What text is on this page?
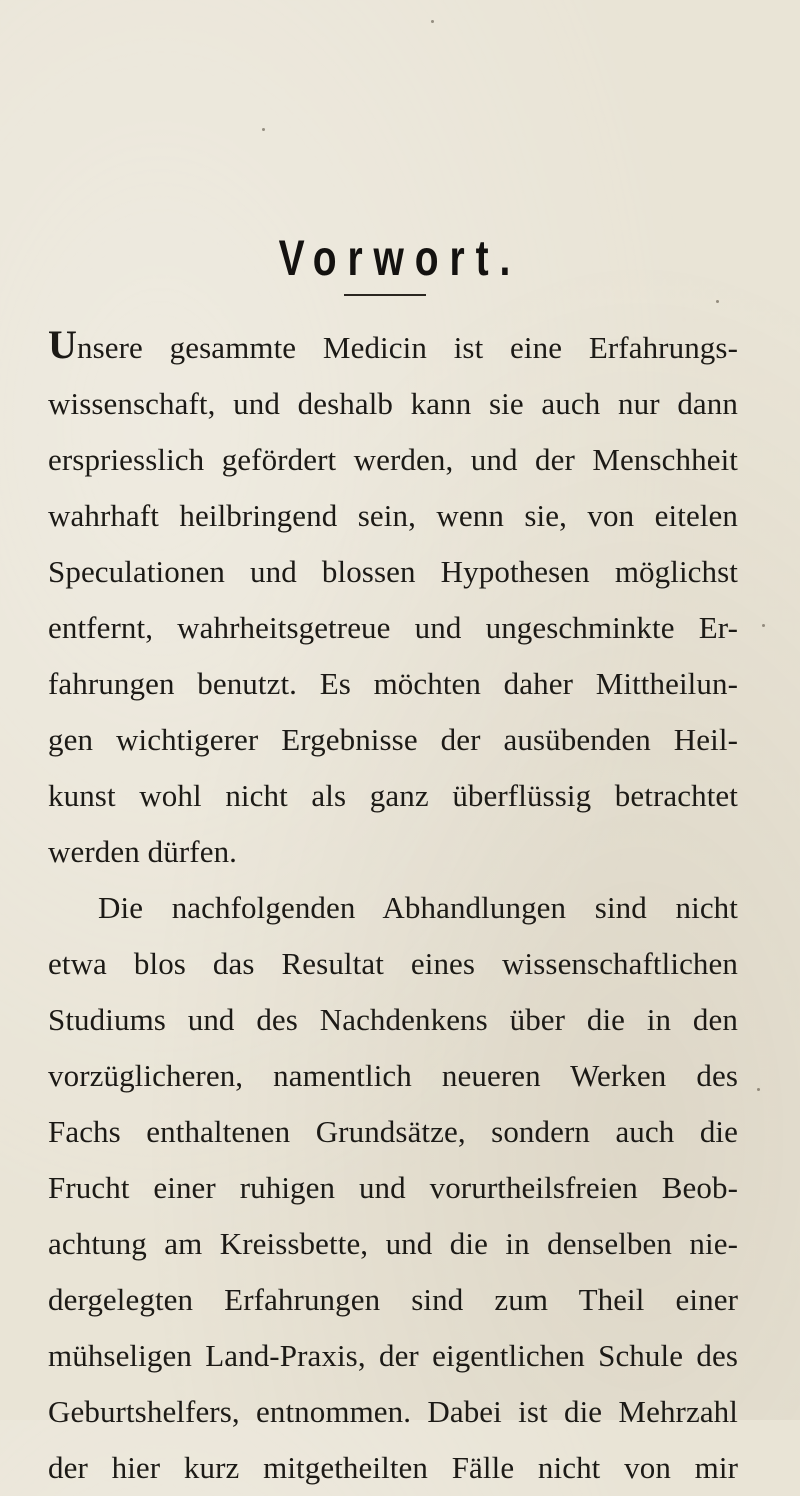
Vorwort.
Unsere gesammte Medicin ist eine Erfahrungs-
wissenschaft, und deshalb kann sie auch nur dann
erspriesslich gefördert werden, und der Menschheit
wahrhaft heilbringend sein, wenn sie, von eitelen
Speculationen und blossen Hypothesen möglichst
entfernt, wahrheitsgetreue und ungeschminkte Er-
fahrungen benutzt. Es möchten daher Mittheilun-
gen wichtigerer Ergebnisse der ausübenden Heil-
kunst wohl nicht als ganz überflüssig betrachtet
werden dürfen.
Die nachfolgenden Abhandlungen sind nicht
etwa blos das Resultat eines wissenschaftlichen
Studiums und des Nachdenkens über die in den
vorzüglicheren, namentlich neueren Werken des
Fachs enthaltenen Grundsätze, sondern auch die
Frucht einer ruhigen und vorurtheilsfreien Beob-
achtung am Kreissbette, und die in denselben nie-
dergelegten Erfahrungen sind zum Theil einer
mühseligen Land-Praxis, der eigentlichen Schule des
Geburtshelfers, entnommen. Dabei ist die Mehrzahl
der hier kurz mitgetheilten Fälle nicht von mir
